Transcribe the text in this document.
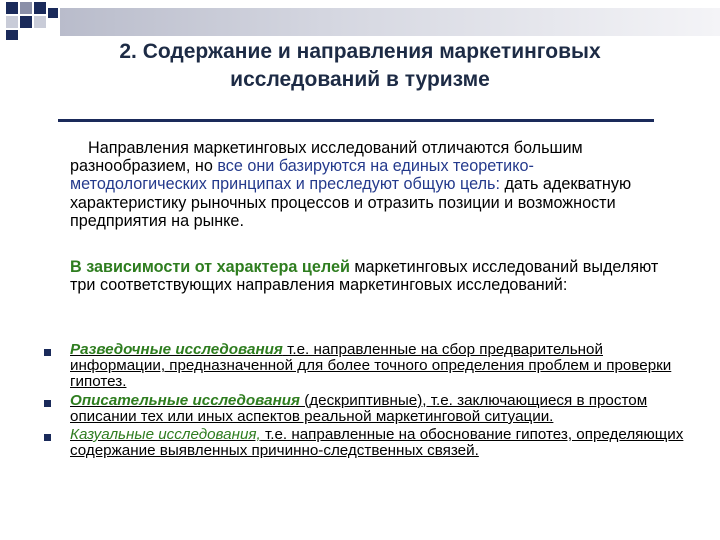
2. Содержание и направления маркетинговых
исследований в туризме
Направления маркетинговых исследований отличаются большим разнообразием, но все они базируются на единых теоретико-методологических принципах и преследуют общую цель: дать адекватную характеристику рыночных процессов и отразить позиции и возможности предприятия на рынке.
В зависимости от характера целей маркетинговых исследований выделяют три соответствующих направления маркетинговых исследований:
Разведочные исследования т.е. направленные на сбор предварительной информации, предназначенной для более точного определения проблем и проверки гипотез.
Описательные исследования (дескриптивные), т.е. заключающиеся в простом описании тех или иных аспектов реальной маркетинговой ситуации.
Казуальные исследования, т.е. направленные на обоснование гипотез, определяющих содержание выявленных причинно-следственных связей.
